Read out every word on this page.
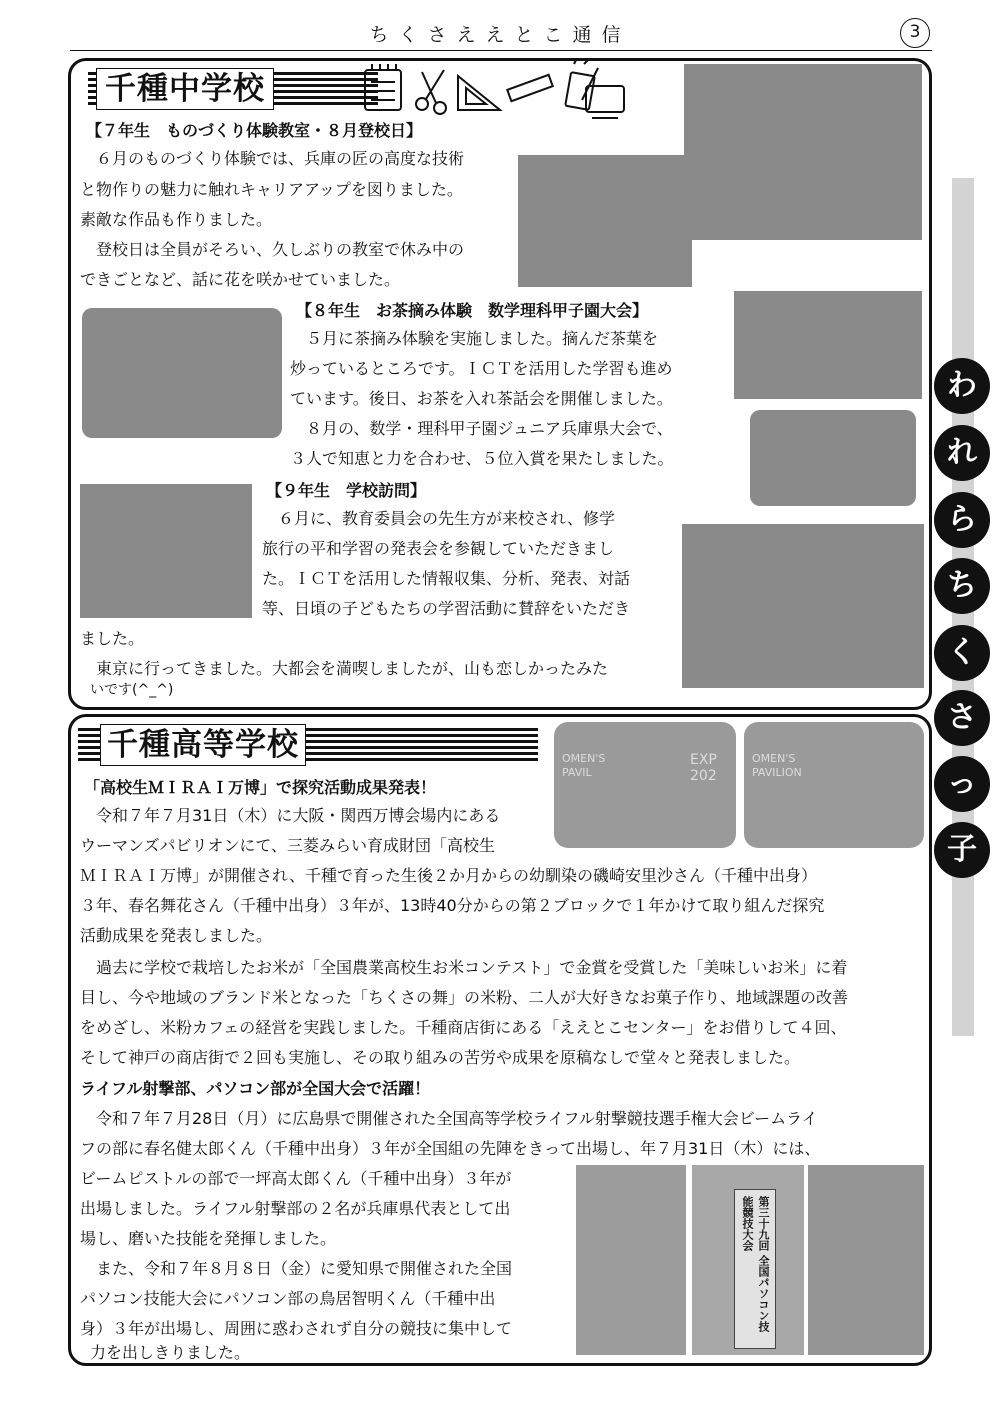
ちくさええとこ通信	3
わ
れ
ら
ち
く
さ
っ
子
千種中学校
【７年生　ものづくり体験教室・８月登校日】
　６月のものづくり体験では、兵庫の匠の高度な技術
と物作りの魅力に触れキャリアアップを図りました。
素敵な作品も作りました。
　登校日は全員がそろい、久しぶりの教室で休み中の
できごとなど、話に花を咲かせていました。
【８年生　お茶摘み体験　数学理科甲子園大会】
　５月に茶摘み体験を実施しました。摘んだ茶葉を
炒っているところです。ＩＣＴを活用した学習も進め
ています。後日、お茶を入れ茶話会を開催しました。
　８月の、数学・理科甲子園ジュニア兵庫県大会で、
３人で知恵と力を合わせ、５位入賞を果たしました。
【９年生　学校訪問】
　６月に、教育委員会の先生方が来校され、修学
旅行の平和学習の発表会を参観していただきまし
た。ＩＣＴを活用した情報収集、分析、発表、対話
等、日頃の子どもたちの学習活動に賛辞をいただき
ました。
　東京に行ってきました。大都会を満喫しましたが、山も恋しかったみた
いです(^_^)
千種高等学校	OMEN'S
PAVIL
EXP
202
OMEN'S
PAVILION
「高校生ＭＩＲＡＩ万博」で探究活動成果発表！
　令和７年７月31日（木）に大阪・関西万博会場内にある
ウーマンズパビリオンにて、三菱みらい育成財団「高校生
ＭＩＲＡＩ万博」が開催され、千種で育った生後２か月からの幼馴染の磯崎安里沙さん（千種中出身）
３年、春名舞花さん（千種中出身）３年が、13時40分からの第２ブロックで１年かけて取り組んだ探究
活動成果を発表しました。
　過去に学校で栽培したお米が「全国農業高校生お米コンテスト」で金賞を受賞した「美味しいお米」に着
目し、今や地域のブランド米となった「ちくさの舞」の米粉、二人が大好きなお菓子作り、地域課題の改善
をめざし、米粉カフェの経営を実践しました。千種商店街にある「ええとこセンター」をお借りして４回、
そして神戸の商店街で２回も実施し、その取り組みの苦労や成果を原稿なしで堂々と発表しました。
ライフル射撃部、パソコン部が全国大会で活躍！
　令和７年７月28日（月）に広島県で開催された全国高等学校ライフル射撃競技選手権大会ビームライ
フの部に春名健太郎くん（千種中出身）３年が全国組の先陣をきって出場し、年７月31日（木）には、
ビームピストルの部で一坪高太郎くん（千種中出身）３年が
出場しました。ライフル射撃部の２名が兵庫県代表として出
場し、磨いた技能を発揮しました。
　また、令和７年８月８日（金）に愛知県で開催された全国
パソコン技能大会にパソコン部の鳥居智明くん（千種中出
身）３年が出場し、周囲に惑わされず自分の競技に集中して
力を出しきりました。
第三十九回 全国パソコン技能競技大会
